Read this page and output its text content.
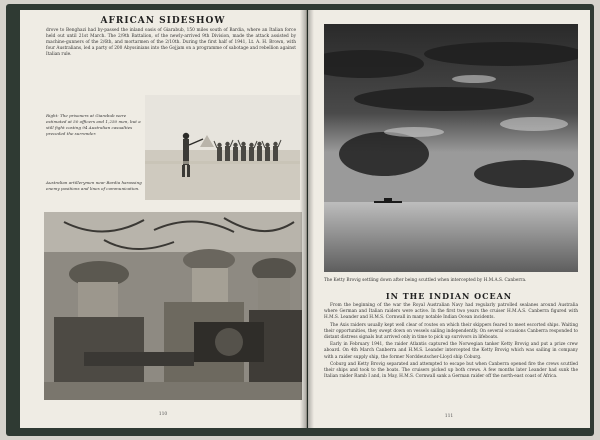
AFRICAN SIDESHOW
drove to Benghazi had by-passed the inland oasis of Giarabub, 150 miles south of Bardia, where an Italian force held out until 21st March. The 2/9th Battalion, of the newly-arrived 9th Division, made the attack assisted by machine-gunners of the 2/6th, and mortarmen of the 2/10th. During the first half of 1941, Lt. A. H. Brown, with four Australians, led a party of 200 Abyssinians into the Gojjam on a programme of sabotage and rebellion against Italian rule.
Right: The prisoners at Giarabub were estimated at 50 officers and 1,250 men, but a still fight costing 94 Australian casualties preceded the surrender.
Australian artillerymen near Bardia harassing enemy positions and lines of communication.
110
The Ketty Brovig settling down after being scuttled when intercepted by H.M.A.S. Canberra.
IN THE INDIAN OCEAN

From the beginning of the war the Royal Australian Navy had regularly patrolled sealanes around Australia where German and Italian raiders were active. In the first two years the cruiser H.M.A.S. Canberra figured with H.M.S. Leander and H.M.S. Cornwall in many notable Indian Ocean incidents.

The Axis raiders usually kept well clear of routes on which their skippers feared to meet escorted ships. Waiting their opportunities, they swept down on vessels sailing independently. On several occasions Canberra responded to distant distress signals but arrived only in time to pick up survivors in lifeboats.

Early in February 1941, the raider Atlantis captured the Norwegian tanker Ketty Brovig and put a prize crew aboard. On 4th March Canberra and H.M.S. Leander intercepted the Ketty Brovig which was sailing in company with a raider supply ship, the former Norddeutscher-Lloyd ship Coburg.

Coburg and Ketty Brovig separated and attempted to escape but when Canberra opened fire the crews scuttled their ships and took to the boats. The cruisers picked up both crews. A few months later Leander had sunk the Italian raider Ramb I and, in May, H.M.S. Cornwall sank a German raider off the north-east coast of Africa.

111
